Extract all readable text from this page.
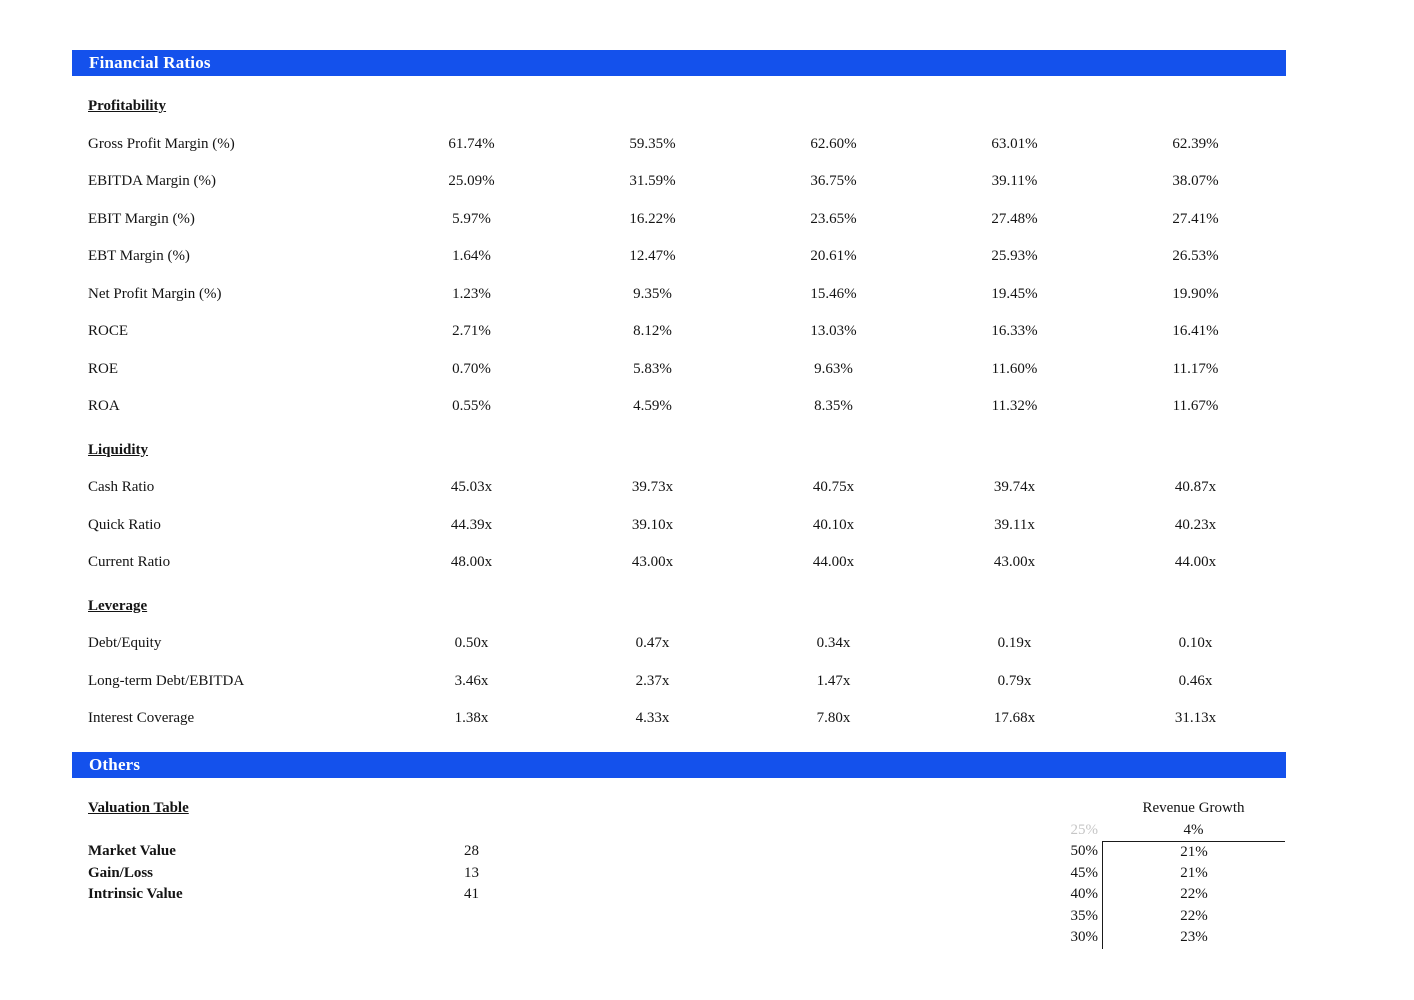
Financial Ratios
Profitability
Gross Profit Margin (%)	61.74%	59.35%	62.60%	63.01%	62.39%
EBITDA Margin (%)	25.09%	31.59%	36.75%	39.11%	38.07%
EBIT Margin (%)	5.97%	16.22%	23.65%	27.48%	27.41%
EBT Margin (%)	1.64%	12.47%	20.61%	25.93%	26.53%
Net Profit Margin (%)	1.23%	9.35%	15.46%	19.45%	19.90%
ROCE	2.71%	8.12%	13.03%	16.33%	16.41%
ROE	0.70%	5.83%	9.63%	11.60%	11.17%
ROA	0.55%	4.59%	8.35%	11.32%	11.67%
Liquidity
Cash Ratio	45.03x	39.73x	40.75x	39.74x	40.87x
Quick Ratio	44.39x	39.10x	40.10x	39.11x	40.23x
Current Ratio	48.00x	43.00x	44.00x	43.00x	44.00x
Leverage
Debt/Equity	0.50x	0.47x	0.34x	0.19x	0.10x
Long-term Debt/EBITDA	3.46x	2.37x	1.47x	0.79x	0.46x
Interest Coverage	1.38x	4.33x	7.80x	17.68x	31.13x
Others
Valuation Table
Market Value	28
Gain/Loss	13
Intrinsic Value	41
Revenue Growth
25%	4%
50%	21%
45%	21%
40%	22%
35%	22%
30%	23%
